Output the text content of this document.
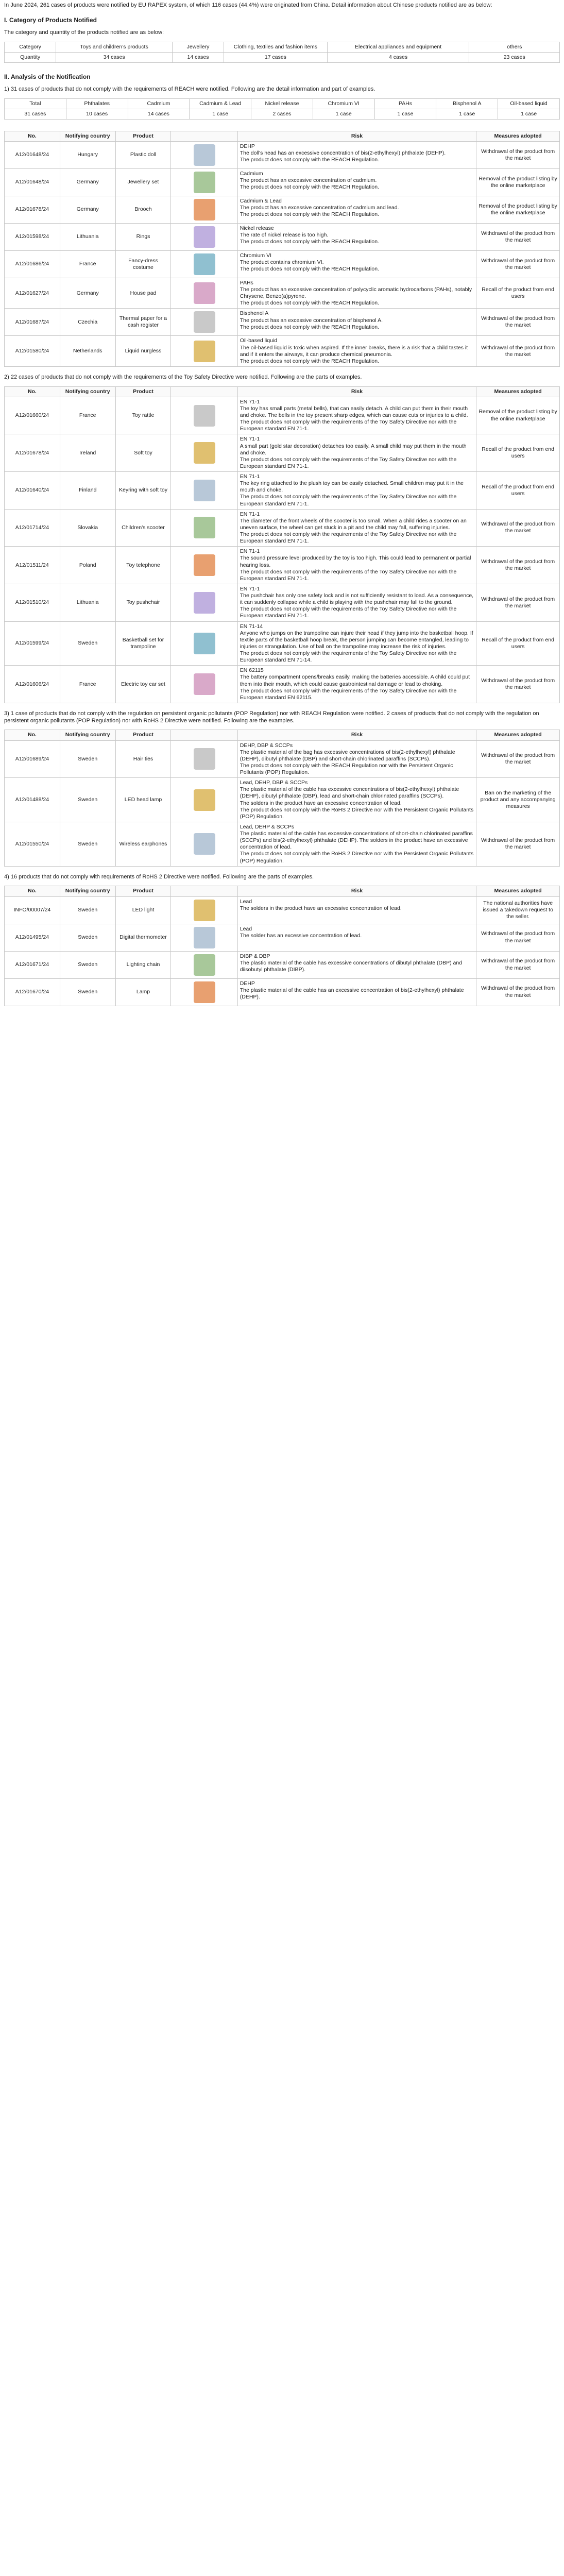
In June 2024, 261 cases of products were notified by EU RAPEX system, of which 116 cases (44.4%) were originated from China. Detail information about Chinese products notified are as below:

I. Category of Products Notified

The category and quantity of the products notified are as below:

Category	Toys and children’s products	Jewellery	Clothing, textiles and fashion items	Electrical appliances and equipment	others
Quantity	34 cases	14 cases	17 cases	4 cases	23 cases
II. Analysis of the Notification

1) 31 cases of products that do not comply with the requirements of REACH were notified. Following are the detail information and part of examples.

Total	Phthalates	Cadmium	Cadmium & Lead	Nickel release	Chromium VI	PAHs	Bisphenol A	Oil-based liquid
31 cases	10 cases	14 cases	1 case	2 cases	1 case	1 case	1 case	1 case
No.	Notifying country	Product		Risk	Measures adopted
A12/01648/24	Hungary	Plastic doll		DEHP
The doll's head has an excessive concentration of bis(2-ethylhexyl) phthalate (DEHP).
The product does not comply with the REACH Regulation.	Withdrawal of the product from the market
A12/01648/24	Germany	Jewellery set		Cadmium
The product has an excessive concentration of cadmium.
The product does not comply with the REACH Regulation.	Removal of the product listing by the online marketplace
A12/01678/24	Germany	Brooch		Cadmium & Lead
The product has an excessive concentration of cadmium and lead.
The product does not comply with the REACH Regulation.	Removal of the product listing by the online marketplace
A12/01598/24	Lithuania	Rings		Nickel release
The rate of nickel release is too high.
The product does not comply with the REACH Regulation.	Withdrawal of the product from the market
A12/01686/24	France	Fancy-dress costume		Chromium VI
The product contains chromium VI.
The product does not comply with the REACH Regulation.	Withdrawal of the product from the market
A12/01627/24	Germany	House pad		PAHs
The product has an excessive concentration of polycyclic aromatic hydrocarbons (PAHs), notably Chrysene, Benzo(a)pyrene.
The product does not comply with the REACH Regulation.	Recall of the product from end users
A12/01687/24	Czechia	Thermal paper for a cash register		Bisphenol A
The product has an excessive concentration of bisphenol A.
The product does not comply with the REACH Regulation.	Withdrawal of the product from the market
A12/01580/24	Netherlands	Liquid nurgless		Oil-based liquid
The oil-based liquid is toxic when aspired. If the inner breaks, there is a risk that a child tastes it and if it enters the airways, it can produce chemical pneumonia.
The product does not comply with the REACH Regulation.	Withdrawal of the product from the market

2) 22 cases of products that do not comply with the requirements of the Toy Safety Directive were notified. Following are the parts of examples.

No.	Notifying country	Product		Risk	Measures adopted
A12/01660/24	France	Toy rattle		EN 71-1
The toy has small parts (metal bells), that can easily detach. A child can put them in their mouth and choke. The bells in the toy present sharp edges, which can cause cuts or injuries to a child.
The product does not comply with the requirements of the Toy Safety Directive nor with the European standard EN 71-1.	Removal of the product listing by the online marketplace
A12/01678/24	Ireland	Soft toy		EN 71-1
A small part (gold star decoration) detaches too easily. A small child may put them in the mouth and choke.
The product does not comply with the requirements of the Toy Safety Directive nor with the European standard EN 71-1.	Recall of the product from end users
A12/01640/24	Finland	Keyring with soft toy		EN 71-1
The key ring attached to the plush toy can be easily detached. Small children may put it in the mouth and choke.
The product does not comply with the requirements of the Toy Safety Directive nor with the European standard EN 71-1.	Recall of the product from end users
A12/01714/24	Slovakia	Children's scooter		EN 71-1
The diameter of the front wheels of the scooter is too small. When a child rides a scooter on an uneven surface, the wheel can get stuck in a pit and the child may fall, suffering injuries.
The product does not comply with the requirements of the Toy Safety Directive nor with the European standard EN 71-1.	Withdrawal of the product from the market
A12/01511/24	Poland	Toy telephone		EN 71-1
The sound pressure level produced by the toy is too high. This could lead to permanent or partial hearing loss.
The product does not comply with the requirements of the Toy Safety Directive nor with the European standard EN 71-1.	Withdrawal of the product from the market
A12/01510/24	Lithuania	Toy pushchair		EN 71-1
The pushchair has only one safety lock and is not sufficiently resistant to load. As a consequence, it can suddenly collapse while a child is playing with the pushchair may fall to the ground.
The product does not comply with the requirements of the Toy Safety Directive nor with the European standard EN 71-1.	Withdrawal of the product from the market
A12/01599/24	Sweden	Basketball set for trampoline		EN 71-14
Anyone who jumps on the trampoline can injure their head if they jump into the basketball hoop. If textile parts of the basketball hoop break, the person jumping can become entangled, leading to injuries or strangulation. Use of ball on the trampoline may increase the risk of injuries.
The product does not comply with the requirements of the Toy Safety Directive nor with the European standard EN 71-14.	Recall of the product from end users
A12/01606/24	France	Electric toy car set		EN 62115
The battery compartment opens/breaks easily, making the batteries accessible. A child could put them into their mouth, which could cause gastrointestinal damage or lead to choking.
The product does not comply with the requirements of the Toy Safety Directive nor with the European standard EN 62115.	Withdrawal of the product from the market

3) 1 case of products that do not comply with the regulation on persistent organic pollutants (POP Regulation) nor with REACH Regulation were notified. 2 cases of products that do not comply with the regulation on persistent organic pollutants (POP Regulation) nor with RoHS 2 Directive were notified. Following are the examples.

No.	Notifying country	Product		Risk	Measures adopted
A12/01689/24	Sweden	Hair ties		DEHP, DBP & SCCPs
The plastic material of the bag has excessive concentrations of bis(2-ethylhexyl) phthalate (DEHP), dibutyl phthalate (DBP) and short-chain chlorinated paraffins (SCCPs).
The product does not comply with the REACH Regulation nor with the Persistent Organic Pollutants (POP) Regulation.	Withdrawal of the product from the market
A12/01488/24	Sweden	LED head lamp		Lead, DEHP, DBP & SCCPs
The plastic material of the cable has excessive concentrations of bis(2-ethylhexyl) phthalate (DEHP), dibutyl phthalate (DBP), lead and short-chain chlorinated paraffins (SCCPs).
The solders in the product have an excessive concentration of lead.
The product does not comply with the RoHS 2 Directive nor with the Persistent Organic Pollutants (POP) Regulation.	Ban on the marketing of the product and any accompanying measures
A12/01550/24	Sweden	Wireless earphones		Lead, DEHP & SCCPs
The plastic material of the cable has excessive concentrations of short-chain chlorinated paraffins (SCCPs) and bis(2-ethylhexyl) phthalate (DEHP). The solders in the product have an excessive concentration of lead.
The product does not comply with the RoHS 2 Directive nor with the Persistent Organic Pollutants (POP) Regulation.	Withdrawal of the product from the market

4) 16 products that do not comply with requirements of RoHS 2 Directive were notified. Following are the parts of examples.

No.	Notifying country	Product		Risk	Measures adopted
INFO/00007/24	Sweden	LED light		Lead
The solders in the product have an excessive concentration of lead.	The national authorities have issued a takedown request to the seller.
A12/01495/24	Sweden	Digital thermometer		Lead
The solder has an excessive concentration of lead.	Withdrawal of the product from the market
A12/01671/24	Sweden	Lighting chain		DIBP & DBP
The plastic material of the cable has excessive concentrations of dibutyl phthalate (DBP) and diisobutyl phthalate (DIBP).	Withdrawal of the product from the market
A12/01670/24	Sweden	Lamp		DEHP
The plastic material of the cable has an excessive concentration of bis(2-ethylhexyl) phthalate (DEHP).	Withdrawal of the product from the market
